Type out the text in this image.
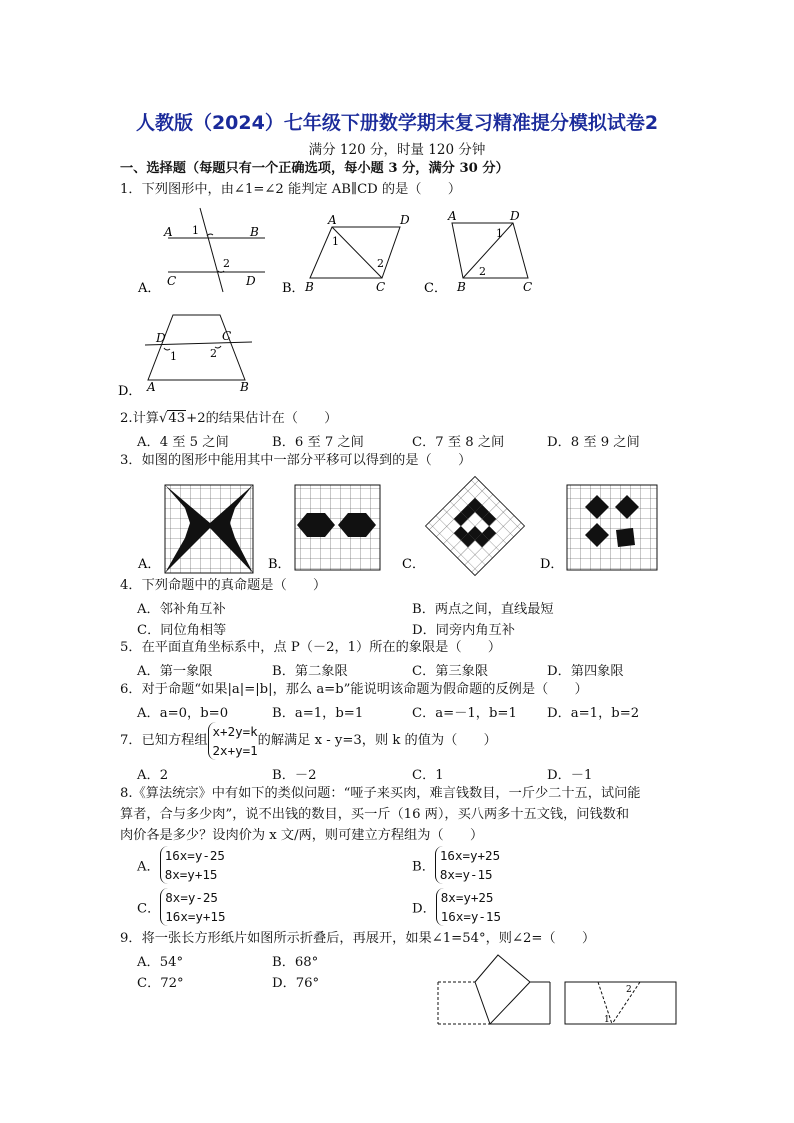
人教版（2024）七年级下册数学期末复习精准提分模拟试卷2
满分 120 分，时量 120 分钟
一、选择题（每题只有一个正确选项，每小题 3 分，满分 30 分）
1．下列图形中，由∠1=∠2 能判定 AB∥CD 的是（　　）
A	B
C	D
1
2
A．
A	D
B	C
1
2
B．
A	D
B	C
1
2
C．
D	C
A	B
1	2
D．
2.计算√43+2的结果估计在（　　）
A．4 至 5 之间	B．6 至 7 之间	C．7 至 8 之间	D．8 至 9 之间
3．如图的图形中能用其中一部分平移可以得到的是（　　）
A．	B．	C．	D．
4．下列命题中的真命题是（　　）
A．邻补角互补	B．两点之间，直线最短
C．同位角相等	D．同旁内角互补
5．在平面直角坐标系中，点 P（－2，1）所在的象限是（　　）
A．第一象限	B．第二象限	C．第三象限	D．第四象限
6．对于命题“如果|a|=|b|，那么 a=b”能说明该命题为假命题的反例是（　　）
A．a=0，b=0	B．a=1，b=1	C．a=－1，b=1 D．a=1，b=2
7．已知方程组x+2y=k
2x+y=1的解满足 x - y=3，则 k 的值为（　　）
A．2	B．－2	C．1	D．－1
8.《算法统宗》中有如下的类似问题：“哑子来买肉，难言钱数目，一斤少二十五，试问能
算者，合与多少肉”，说不出钱的数目，买一斤（16 两），买八两多十五文钱，问钱数和
肉价各是多少？设肉价为 x 文/两，则可建立方程组为（　　）
A．16x=y-25
8x=y+15	B．16x=y+25
8x=y-15
C．8x=y-25
16x=y+15	D．8x=y+25
16x=y-15
9．将一张长方形纸片如图所示折叠后，再展开，如果∠1=54°，则∠2=（　　）
A．54°	B．68°
C．72°	D．76°
1
2
